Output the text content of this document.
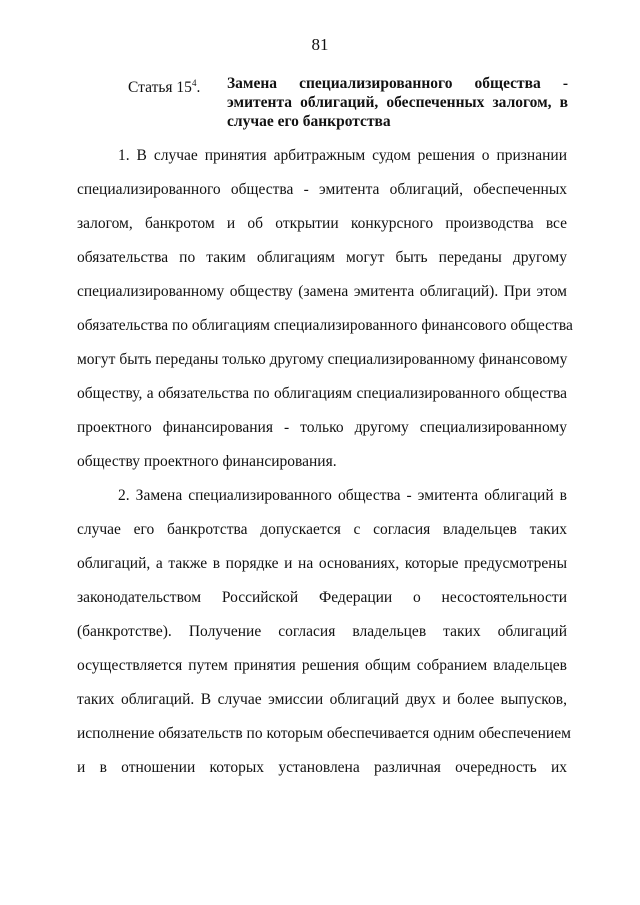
81
Статья $15^4$. Замена специализированного общества -
эмитента облигаций, обеспеченных залогом, в
случае его банкротства
1. В случае принятия арбитражным судом решения о признании
специализированного общества - эмитента облигаций, обеспеченных
залогом, банкротом и об открытии конкурсного производства все
обязательства по таким облигациям могут быть переданы другому
специализированному обществу (замена эмитента облигаций). При этом
обязательства по облигациям специализированного финансового общества
могут быть переданы только другому специализированному финансовому
обществу, а обязательства по облигациям специализированного общества
проектного финансирования - только другому специализированному
обществу проектного финансирования.
2. Замена специализированного общества - эмитента облигаций в
случае его банкротства допускается с согласия владельцев таких
облигаций, а также в порядке и на основаниях, которые предусмотрены
законодательством Российской Федерации о несостоятельности
(банкротстве). Получение согласия владельцев таких облигаций
осуществляется путем принятия решения общим собранием владельцев
таких облигаций. В случае эмиссии облигаций двух и более выпусков,
исполнение обязательств по которым обеспечивается одним обеспечением
и в отношении которых установлена различная очередность их
